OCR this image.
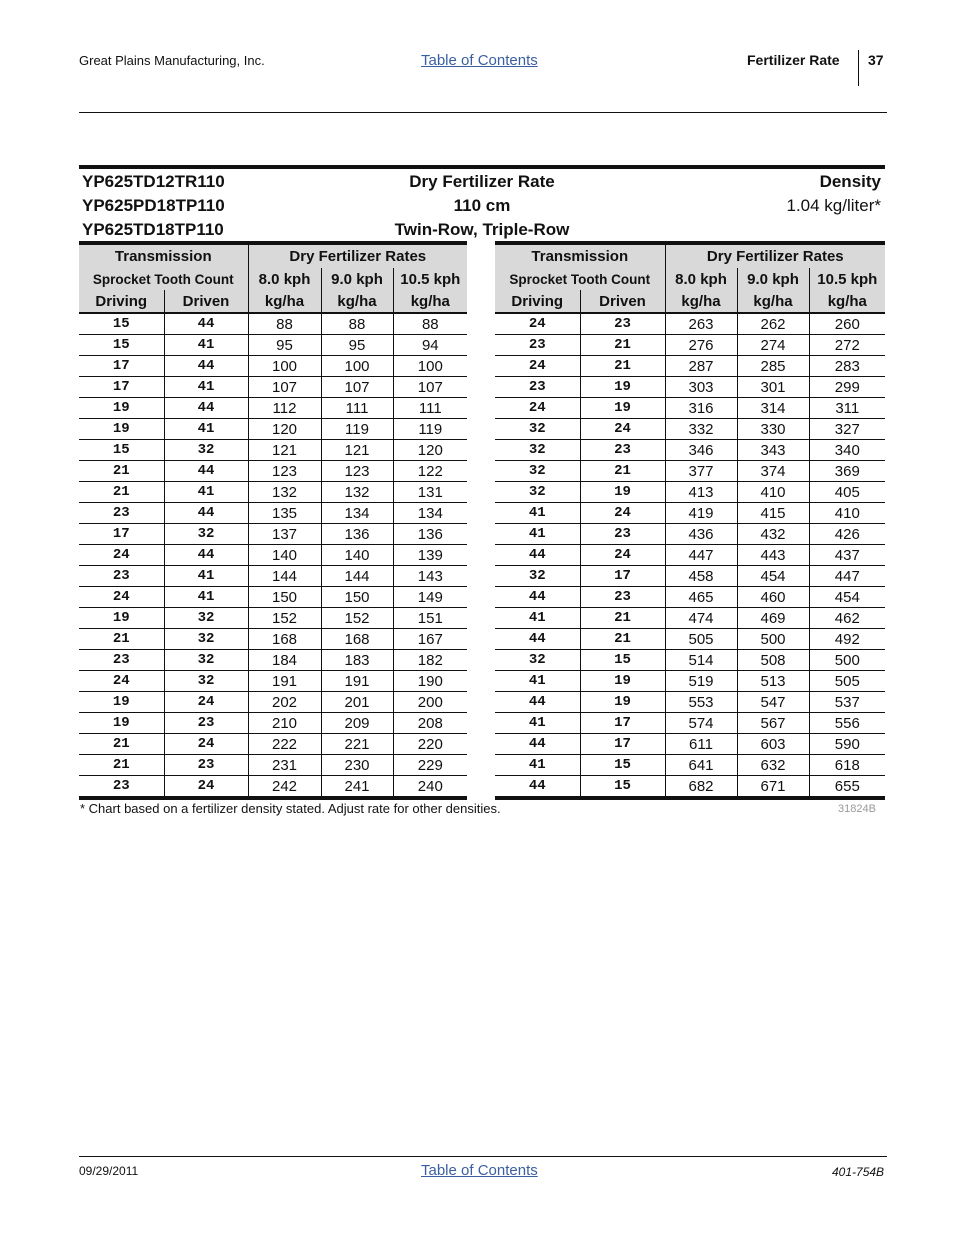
Great Plains Manufacturing, Inc.	Table of Contents	Fertilizer Rate 37
YP625TD12TR110
YP625PD18TP110
YP625TD18TP110
Dry Fertilizer Rate
110 cm
Twin-Row, Triple-Row
Density
1.04 kg/liter*
Transmission		Dry Fertilizer Rates		
Sprocket Tooth Count		8.0 kph	9.0 kph	10.5 kph
Driving	Driven	kg/ha	kg/ha	kg/ha
15	44	88	88	88
15	41	95	95	94
17	44	100	100	100
17	41	107	107	107
19	44	112	111	111
19	41	120	119	119
15	32	121	121	120
21	44	123	123	122
21	41	132	132	131
23	44	135	134	134
17	32	137	136	136
24	44	140	140	139
23	41	144	144	143
24	41	150	150	149
19	32	152	152	151
21	32	168	168	167
23	32	184	183	182
24	32	191	191	190
19	24	202	201	200
19	23	210	209	208
21	24	222	221	220
21	23	231	230	229
23	24	242	241	240
Transmission		Dry Fertilizer Rates		
Sprocket Tooth Count		8.0 kph	9.0 kph	10.5 kph
Driving	Driven	kg/ha	kg/ha	kg/ha
24	23	263	262	260
23	21	276	274	272
24	21	287	285	283
23	19	303	301	299
24	19	316	314	311
32	24	332	330	327
32	23	346	343	340
32	21	377	374	369
32	19	413	410	405
41	24	419	415	410
41	23	436	432	426
44	24	447	443	437
32	17	458	454	447
44	23	465	460	454
41	21	474	469	462
44	21	505	500	492
32	15	514	508	500
41	19	519	513	505
44	19	553	547	537
41	17	574	567	556
44	17	611	603	590
41	15	641	632	618
44	15	682	671	655
* Chart based on a fertilizer density stated. Adjust rate for other densities.	31824B
09/29/2011	Table of Contents	401-754B
